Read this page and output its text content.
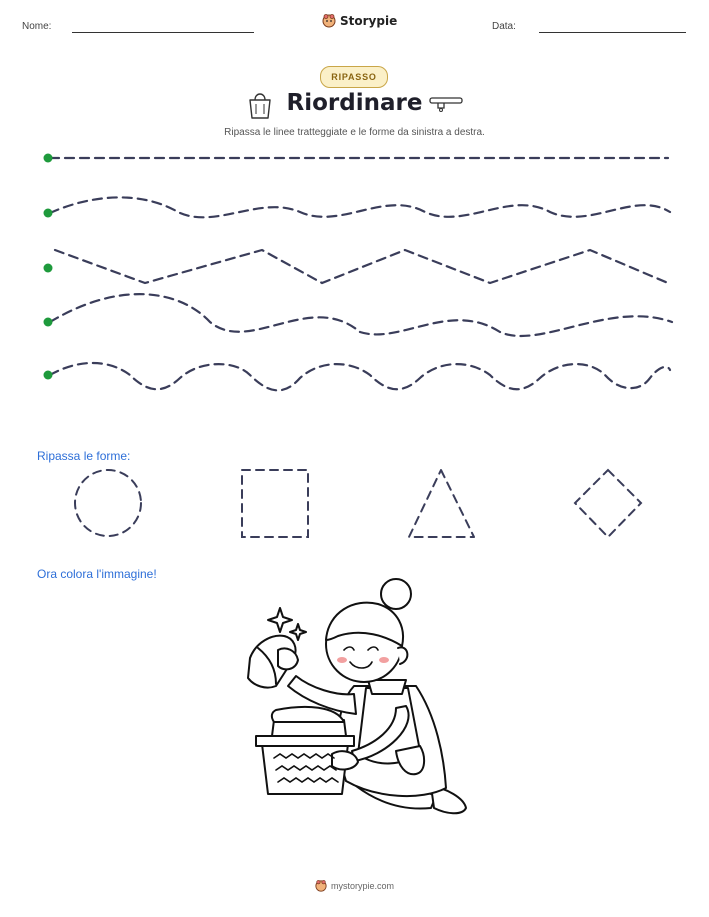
Nome:	Storypie	Data:
RIPASSO
Riordinare
Ripassa le linee tratteggiate e le forme da sinistra a destra.
Ripassa le forme:
Ora colora l'immagine!
mystorypie.com
